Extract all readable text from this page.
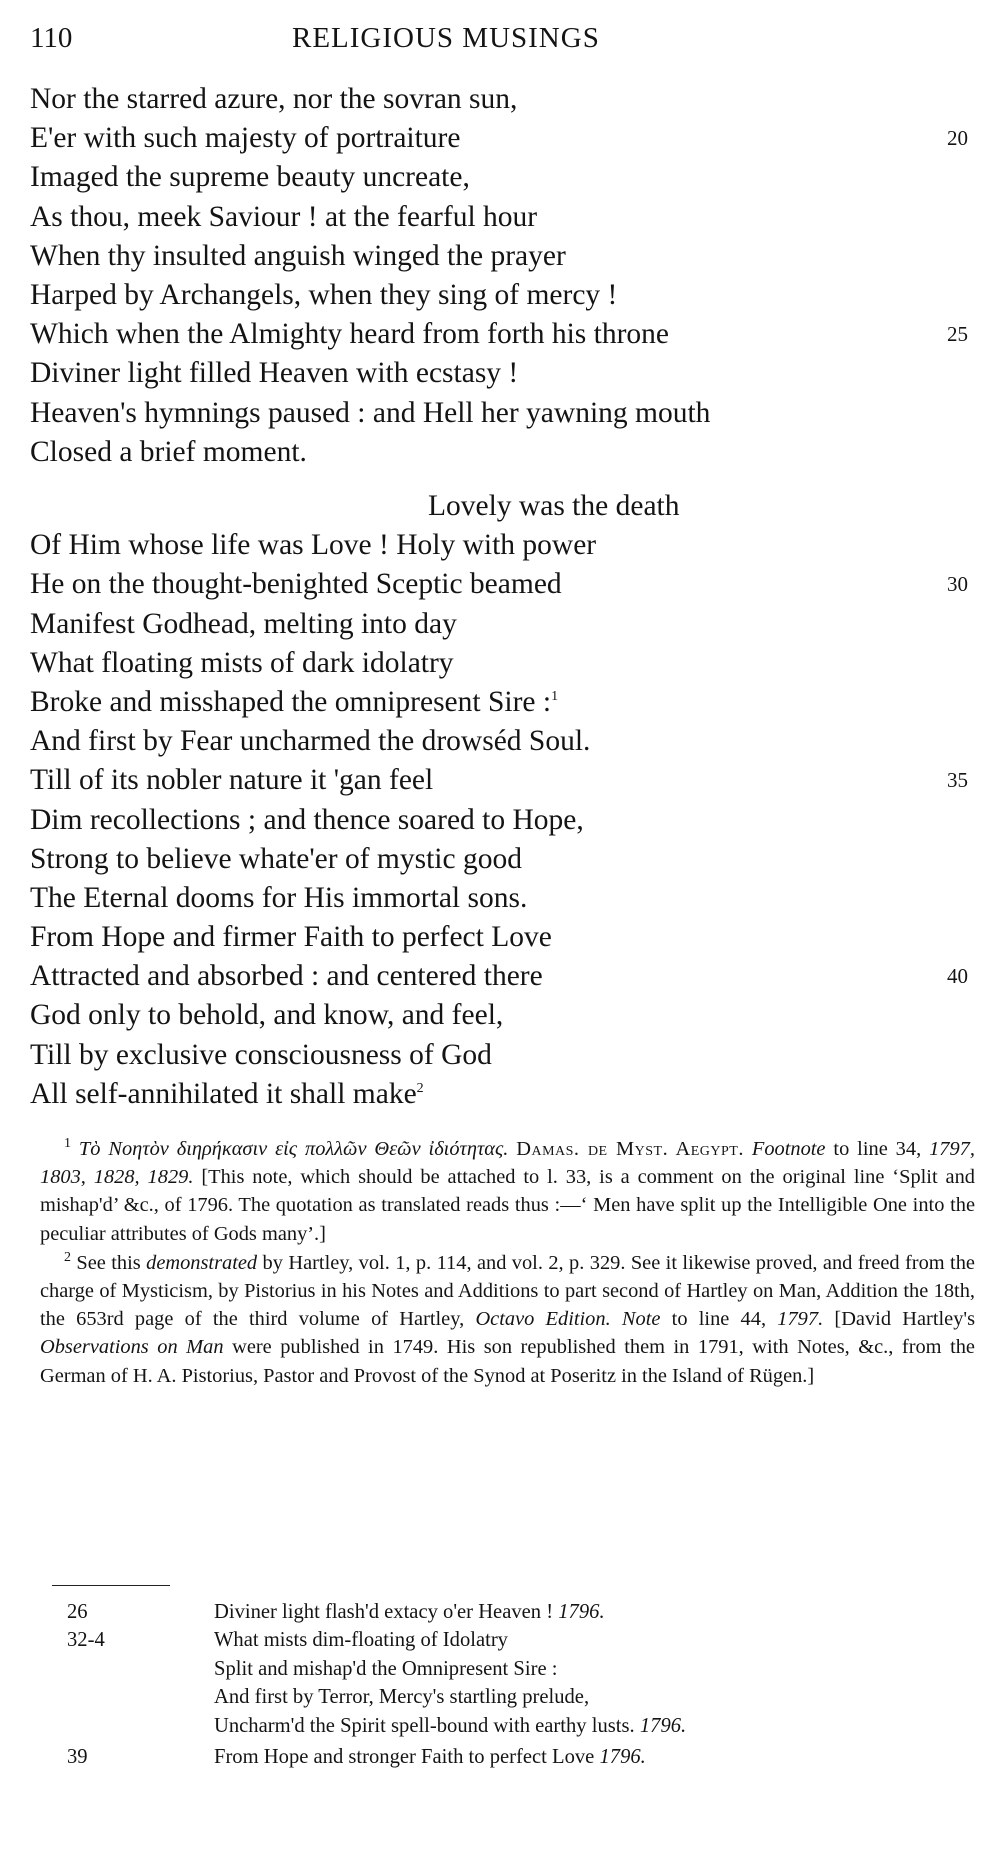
110	RELIGIOUS MUSINGS
Nor the starred azure, nor the sovran sun,
E'er with such majesty of portraiture	20
Imaged the supreme beauty uncreate,
As thou, meek Saviour ! at the fearful hour
When thy insulted anguish winged the prayer
Harped by Archangels, when they sing of mercy !
Which when the Almighty heard from forth his throne	25
Diviner light filled Heaven with ecstasy !
Heaven's hymnings paused : and Hell her yawning mouth
Closed a brief moment.
Lovely was the death
Of Him whose life was Love ! Holy with power
He on the thought-benighted Sceptic beamed	30
Manifest Godhead, melting into day
What floating mists of dark idolatry
Broke and misshaped the omnipresent Sire :$^1$
And first by Fear uncharmed the drowséd Soul.
Till of its nobler nature it 'gan feel	35
Dim recollections ; and thence soared to Hope,
Strong to believe whate'er of mystic good
The Eternal dooms for His immortal sons.
From Hope and firmer Faith to perfect Love
Attracted and absorbed : and centered there	40
God only to behold, and know, and feel,
Till by exclusive consciousness of God
All self-annihilated it shall make$^2$

$^1$ Τὸ Νοητὸν διηρήκασιν εἰς πολλῶν Θεῶν ἰδιότητας. Damas. de Myst. Aegypt. Footnote to line 34, 1797, 1803, 1828, 1829. [This note, which should be attached to l. 33, is a comment on the original line ‘Split and mishap'd’ &c., of 1796. The quotation as translated reads thus :—‘ Men have split up the Intelligible One into the peculiar attributes of Gods many’.]

$^2$ See this demonstrated by Hartley, vol. 1, p. 114, and vol. 2, p. 329. See it likewise proved, and freed from the charge of Mysticism, by Pistorius in his Notes and Additions to part second of Hartley on Man, Addition the 18th, the 653rd page of the third volume of Hartley, Octavo Edition. Note to line 44, 1797. [David Hartley's Observations on Man were published in 1749. His son republished them in 1791, with Notes, &c., from the German of H. A. Pistorius, Pastor and Provost of the Synod at Poseritz in the Island of Rügen.]

26	Diviner light flash'd extacy o'er Heaven ! 1796.
32-4	What mists dim-floating of Idolatry
Split and mishap'd the Omnipresent Sire :
And first by Terror, Mercy's startling prelude,
Uncharm'd the Spirit spell-bound with earthy lusts. 1796.
39	From Hope and stronger Faith to perfect Love 1796.
